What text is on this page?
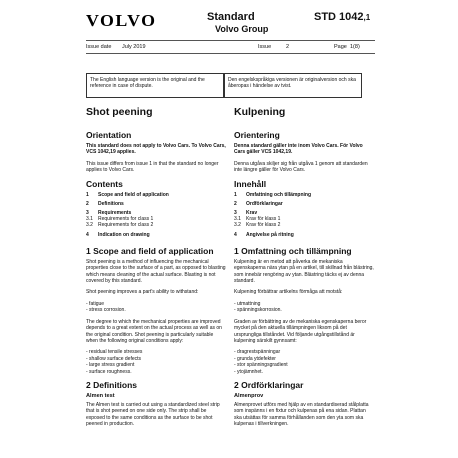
VOLVO	Standard
Volvo Group
STD 1042,1
Issue date July 2019	Issue	2	Page 1(8)
The English language version is the original and the reference in case of dispute.
Den engelskspråkiga versionen är originalversion och ska åberopas i händelse av tvist.
Shot peening
Orientation

This standard does not apply to Volvo Cars. To Volvo Cars, VCS 1042,19 applies.

This issue differs from issue 1 in that the standard no longer applies to Volvo Cars.

Contents
1	Scope and field of application
2	Definitions
3	Requirements
3.1	Requirements for class 1
3.2	Requirements for class 2
4	Indication on drawing
1 Scope and field of application

Shot peening is a method of influencing the mechanical properties close to the surface of a part, as opposed to blasting which means cleaning of the actual surface. Blasting is not covered by this standard.

Shot peening improves a part's ability to withstand:

- fatigue
- stress corrosion.

The degree to which the mechanical properties are improved depends to a great extent on the actual process as well as on the original condition. Shot peening is particularly suitable when the following original conditions apply:

- residual tensile stresses
- shallow surface defects
- large stress gradient
- surface roughness.
2 Definitions
Almen test

The Almen test is carried out using a standardized steel strip that is shot peened on one side only. The strip shall be exposed to the same conditions as the surface to be shot peened in production.

Kulpening
Orientering

Denna standard gäller inte inom Volvo Cars. För Volvo Cars gäller VCS 1042,19.

Denna utgåva skiljer sig från utgåva 1 genom att standarden inte längre gäller för Volvo Cars.

Innehåll
1	Omfattning och tillämpning
2	Ordförklaringar
3	Krav
3.1	Krav för klass 1
3.2	Krav för klass 2
4	Angivelse på ritning
1 Omfattning och tillämpning

Kulpening är en metod att påverka de mekaniska egenskaperna nära ytan på en artikel, till skillnad från blästring, som innebär rengöring av ytan. Blästring täcks ej av denna standard.

Kulpening förbättrar artikelns förmåga att motstå:

- utmattning
- spänningskorrosion.

Graden av förbättring av de mekaniska egenskaperna beror mycket på den aktuella tillämpningen liksom på det ursprungliga tillståndet. Vid följande utgångstillstånd är kulpening särskilt gynnsamt:

- dragrestspänningar
- grunda ytdefekter
- stor spänningsgradient
- ytojämnhet.
2 Ordförklaringar
Almenprov

Almenprovet utförs med hjälp av en standardiserad stålplatta som inspänns i en fixtur och kulpenas på ena sidan. Plattan ska utsättas för samma förhållanden som den yta som ska kulpenas i tillverkningen.
